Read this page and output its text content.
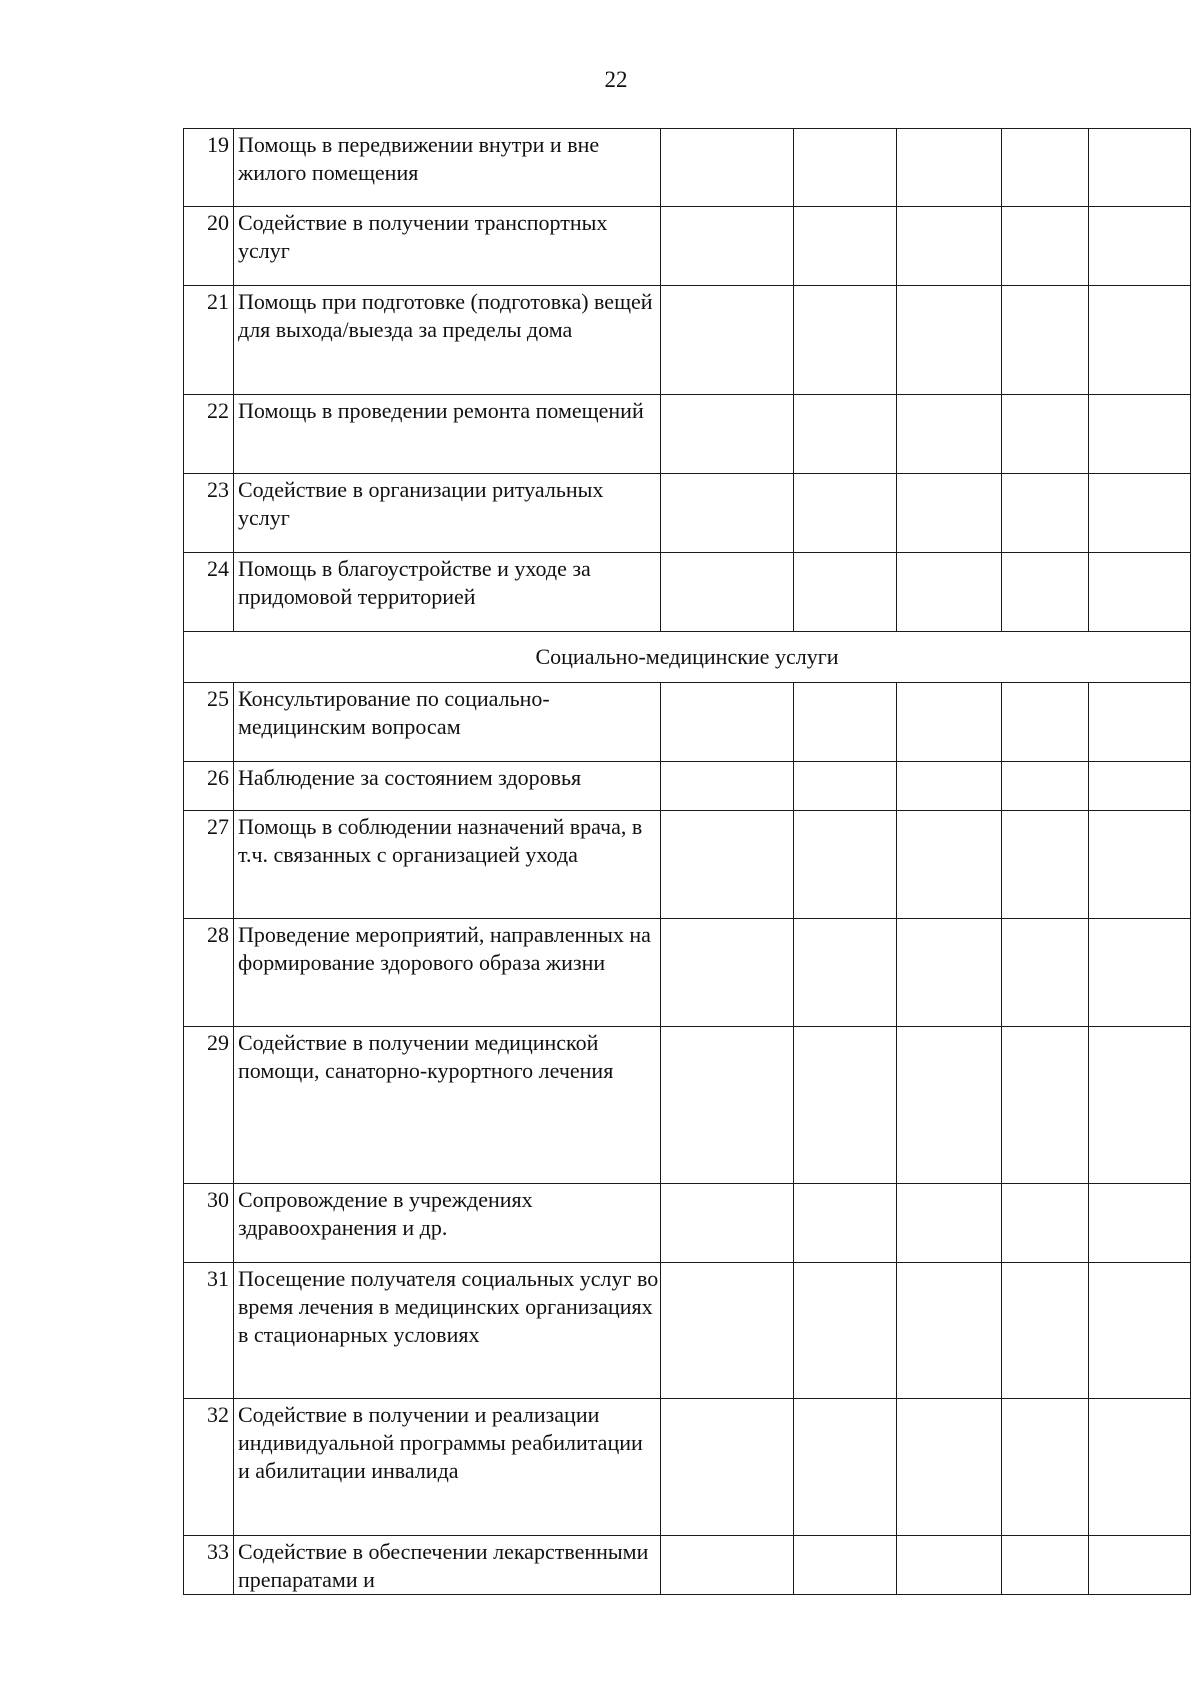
22
19	Помощь в передвижении внутри и вне жилого помещения					
20	Содействие в получении транспортных услуг					
21	Помощь при подготовке (подготовка) вещей для выхода/выезда за пределы дома					
22	Помощь в проведении ремонта помещений					
23	Содействие в организации ритуальных услуг					
24	Помощь в благоустройстве и уходе за придомовой территорией					
Социально-медицинские услуги						
25	Консультирование по социально-медицинским вопросам					
26	Наблюдение за состоянием здоровья					
27	Помощь в соблюдении назначений врача, в т.ч. связанных с организацией ухода					
28	Проведение мероприятий, направленных на формирование здорового образа жизни					
29	Содействие в получении медицинской помощи, санаторно-курортного лечения					
30	Сопровождение в учреждениях здравоохранения и др.					
31	Посещение получателя социальных услуг во время лечения в медицинских организациях в стационарных условиях					
32	Содействие в получении и реализации индивидуальной программы реабилитации и абилитации инвалида					
33	Содействие в обеспечении лекарственными препаратами и					
